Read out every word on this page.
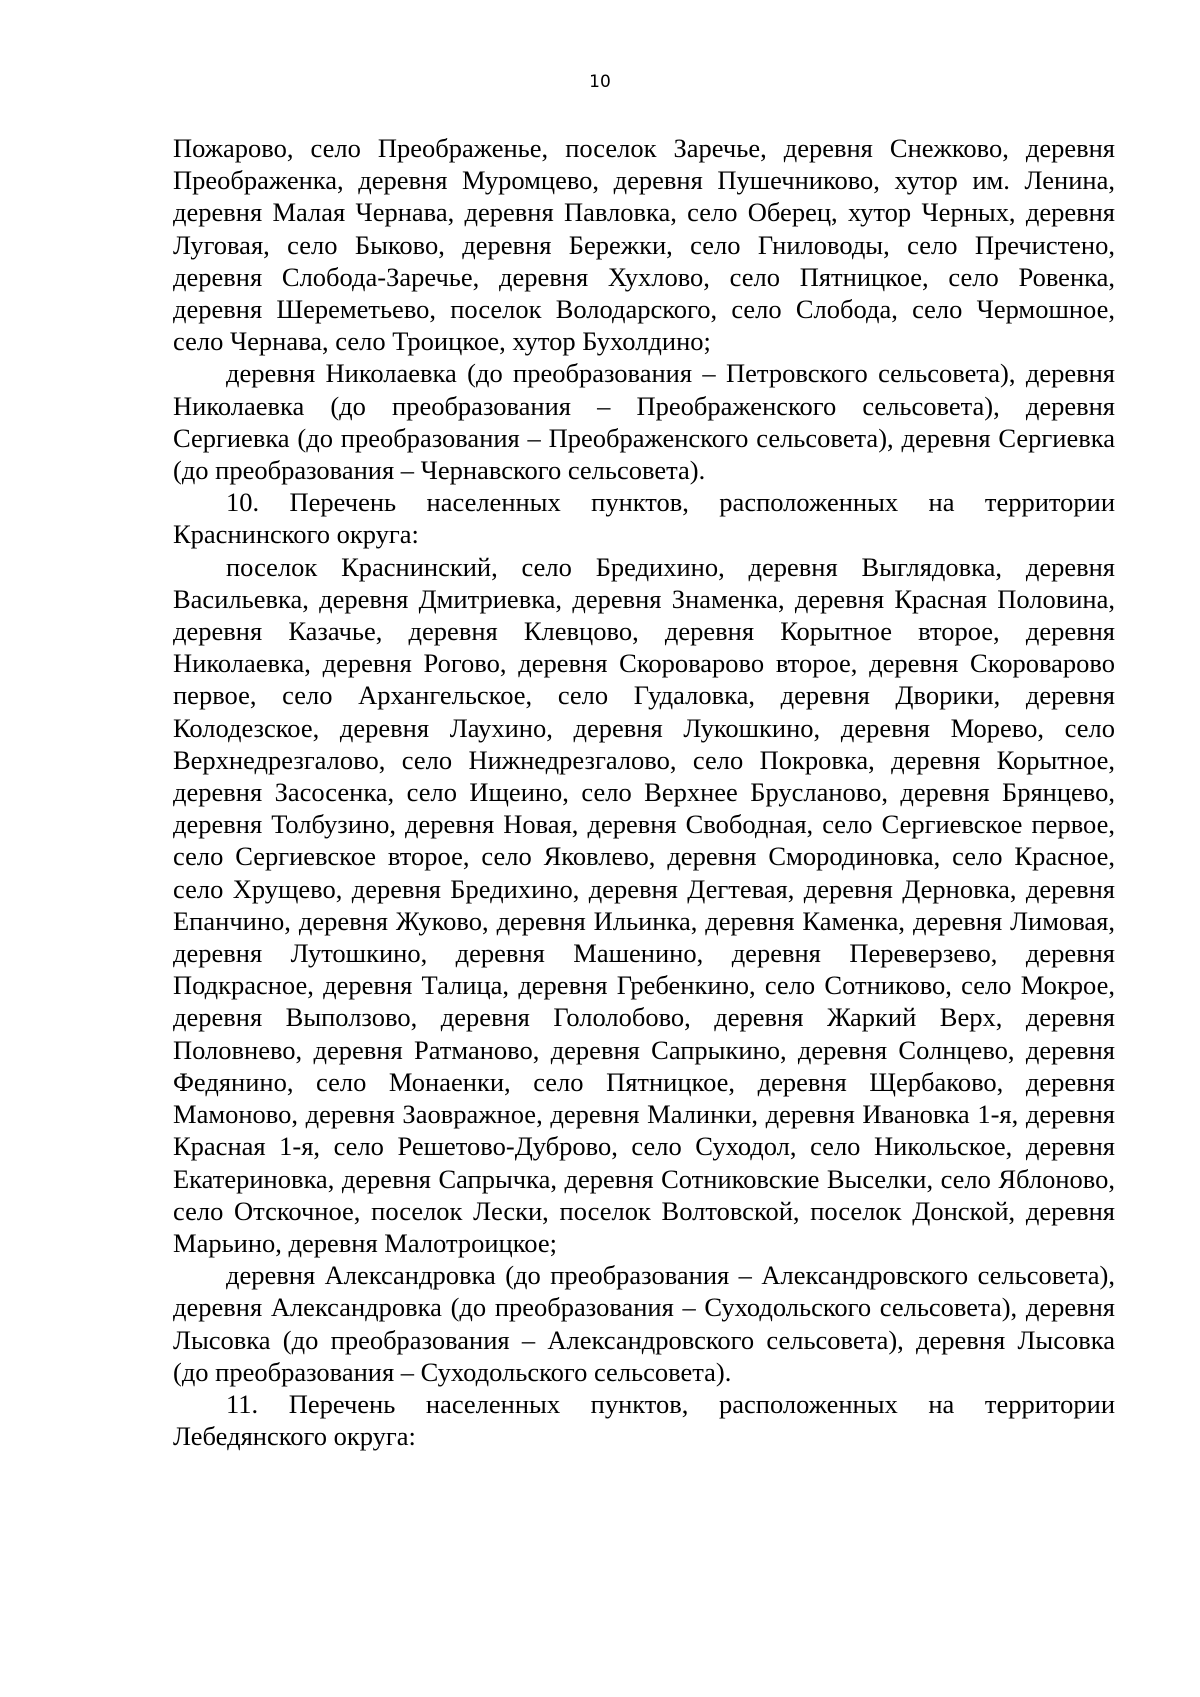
10

Пожарово, село Преображенье, поселок Заречье, деревня Снежково, деревня Преображенка, деревня Муромцево, деревня Пушечниково, хутор им. Ленина, деревня Малая Чернава, деревня Павловка, село Оберец, хутор Черных, деревня Луговая, село Быково, деревня Бережки, село Гниловоды, село Пречистено, деревня Слобода-Заречье, деревня Хухлово, село Пятницкое, село Ровенка, деревня Шереметьево, поселок Володарского, село Слобода, село Чермошное, село Чернава, село Троицкое, хутор Бухолдино;

деревня Николаевка (до преобразования – Петровского сельсовета), деревня Николаевка (до преобразования – Преображенского сельсовета), деревня Сергиевка (до преобразования – Преображенского сельсовета), деревня Сергиевка (до преобразования – Чернавского сельсовета).

10. Перечень населенных пунктов, расположенных на территории Краснинского округа:

поселок Краснинский, село Бредихино, деревня Выглядовка, деревня Васильевка, деревня Дмитриевка, деревня Знаменка, деревня Красная Половина, деревня Казачье, деревня Клевцово, деревня Корытное второе, деревня Николаевка, деревня Рогово, деревня Скороварово второе, деревня Скороварово первое, село Архангельское, село Гудаловка, деревня Дворики, деревня Колодезское, деревня Лаухино, деревня Лукошкино, деревня Морево, село Верхнедрезгалово, село Нижнедрезгалово, село Покровка, деревня Корытное, деревня Засосенка, село Ищеино, село Верхнее Брусланово, деревня Брянцево, деревня Толбузино, деревня Новая, деревня Свободная, село Сергиевское первое, село Сергиевское второе, село Яковлево, деревня Смородиновка, село Красное, село Хрущево, деревня Бредихино, деревня Дегтевая, деревня Дерновка, деревня Епанчино, деревня Жуково, деревня Ильинка, деревня Каменка, деревня Лимовая, деревня Лутошкино, деревня Машенино, деревня Переверзево, деревня Подкрасное, деревня Талица, деревня Гребенкино, село Сотниково, село Мокрое, деревня Выползово, деревня Гололобово, деревня Жаркий Верх, деревня Половнево, деревня Ратманово, деревня Сапрыкино, деревня Солнцево, деревня Федянино, село Монаенки, село Пятницкое, деревня Щербаково, деревня Мамоново, деревня Заовражное, деревня Малинки, деревня Ивановка 1-я, деревня Красная 1-я, село Решетово-Дуброво, село Суходол, село Никольское, деревня Екатериновка, деревня Сапрычка, деревня Сотниковские Выселки, село Яблоново, село Отскочное, поселок Лески, поселок Волтовской, поселок Донской, деревня Марьино, деревня Малотроицкое;

деревня Александровка (до преобразования – Александровского сельсовета), деревня Александровка (до преобразования – Суходольского сельсовета), деревня Лысовка (до преобразования – Александровского сельсовета), деревня Лысовка (до преобразования – Суходольского сельсовета).

11. Перечень населенных пунктов, расположенных на территории Лебедянского округа:
